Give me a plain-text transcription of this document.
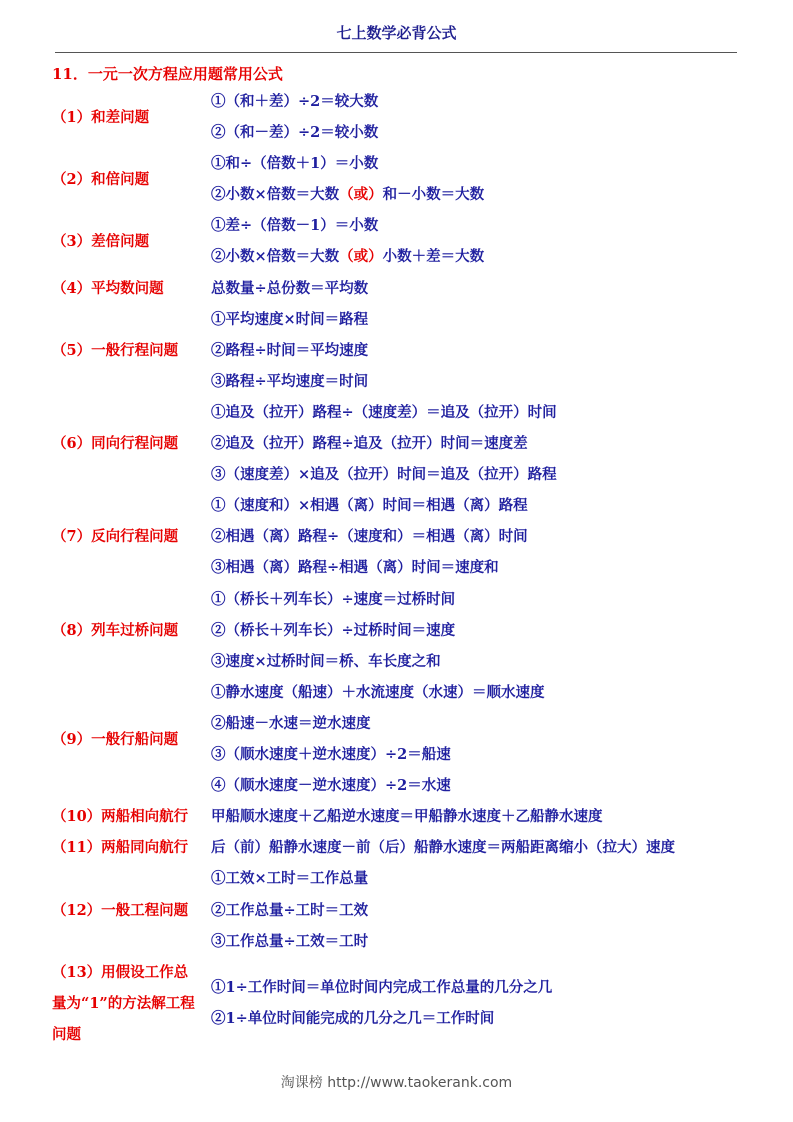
七上数学必背公式
11．一元一次方程应用题常用公式
（1）和差问题
①（和＋差）÷2＝较大数
②（和－差）÷2＝较小数
（2）和倍问题
①和÷（倍数＋1）＝小数
②小数×倍数＝大数（或）和－小数＝大数
（3）差倍问题
①差÷（倍数－1）＝小数
②小数×倍数＝大数（或）小数＋差＝大数
（4）平均数问题	总数量÷总份数＝平均数
（5）一般行程问题
①平均速度×时间＝路程
②路程÷时间＝平均速度
③路程÷平均速度＝时间
（6）同向行程问题
①追及（拉开）路程÷（速度差）＝追及（拉开）时间
②追及（拉开）路程÷追及（拉开）时间＝速度差
③（速度差）×追及（拉开）时间＝追及（拉开）路程
（7）反向行程问题
①（速度和）×相遇（离）时间＝相遇（离）路程
②相遇（离）路程÷（速度和）＝相遇（离）时间
③相遇（离）路程÷相遇（离）时间＝速度和
（8）列车过桥问题
①（桥长＋列车长）÷速度＝过桥时间
②（桥长＋列车长）÷过桥时间＝速度
③速度×过桥时间＝桥、车长度之和
（9）一般行船问题
①静水速度（船速）＋水流速度（水速）＝顺水速度
②船速－水速＝逆水速度
③（顺水速度＋逆水速度）÷2＝船速
④（顺水速度－逆水速度）÷2＝水速
（10）两船相向航行	甲船顺水速度＋乙船逆水速度＝甲船静水速度＋乙船静水速度
（11）两船同向航行	后（前）船静水速度－前（后）船静水速度＝两船距离缩小（拉大）速度
（12）一般工程问题
①工效×工时＝工作总量
②工作总量÷工时＝工效
③工作总量÷工效＝工时
（13）用假设工作总量为“1”的方法解工程问题
①1÷工作时间＝单位时间内完成工作总量的几分之几
②1÷单位时间能完成的几分之几＝工作时间
淘课榜 http://www.taokerank.com
